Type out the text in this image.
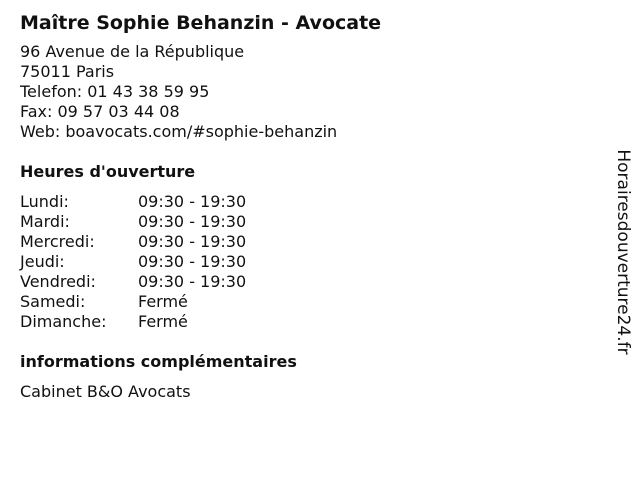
Maître Sophie Behanzin - Avocate
96 Avenue de la République
75011 Paris
Telefon: 01 43 38 59 95
Fax: 09 57 03 44 08
Web: boavocats.com/#sophie-behanzin
Heures d'ouverture
Lundi:	09:30 - 19:30
Mardi:	09:30 - 19:30
Mercredi:	09:30 - 19:30
Jeudi:	09:30 - 19:30
Vendredi:	09:30 - 19:30
Samedi:	Fermé
Dimanche:	Fermé
informations complémentaires
Cabinet B&O Avocats
Horairesdouverture24.fr
